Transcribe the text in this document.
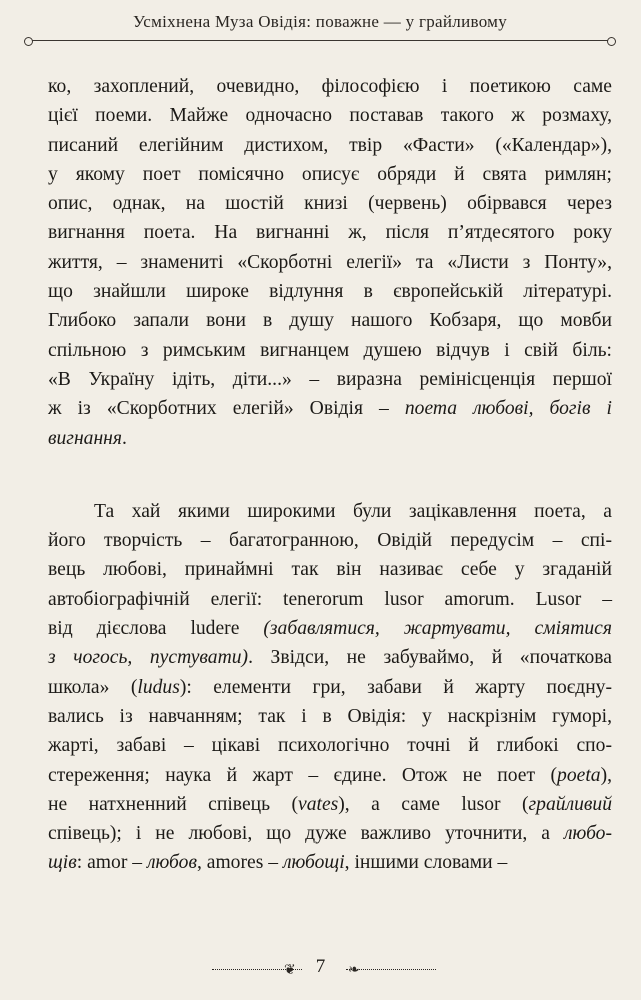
Усміхнена Муза Овідія: поважне — у грайливому
ко, захоплений, очевидно, філософією і поетикою саме
цієї поеми. Майже одночасно поставав такого ж розмаху,
писаний елегійним дистихом, твір «Фасти» («Календар»),
у якому поет помісячно описує обряди й свята римлян;
опис, однак, на шостій книзі (червень) обірвався через
вигнання поета. На вигнанні ж, після п’ятдесятого року
життя, – знамениті «Скорботні елегії» та «Листи з Понту»,
що знайшли широке відлуння в європейській літературі.
Глибоко запали вони в душу нашого Кобзаря, що мовби
спільною з римським вигнанцем душею відчув і свій біль:
«В Україну ідіть, діти...» – виразна ремінісценція першої
ж із «Скорботних елегій» Овідія – поета любові, богів і
вигнання.
Та хай якими широкими були зацікавлення поета, а
його творчість – багатогранною, Овідій передусім – спі-
вець любові, принаймні так він називає себе у згаданій
автобіографічній елегії: tenerorum lusor amorum. Lusor –
від дієслова ludere (забавлятися, жартувати, сміятися
з чогось, пустувати). Звідси, не забуваймо, й «початкова
школа» (ludus): елементи гри, забави й жарту поєдну-
вались із навчанням; так і в Овідія: у наскрізнім гуморі,
жарті, забаві – цікаві психологічно точні й глибокі спо-
стереження; наука й жарт – єдине. Отож не поет (poeta),
не натхненний співець (vates), а саме lusor (грайливий
співець); і не любові, що дуже важливо уточнити, а любо-
щів: amor – любов, amores – любощі, іншими словами –
❦	7	❧
